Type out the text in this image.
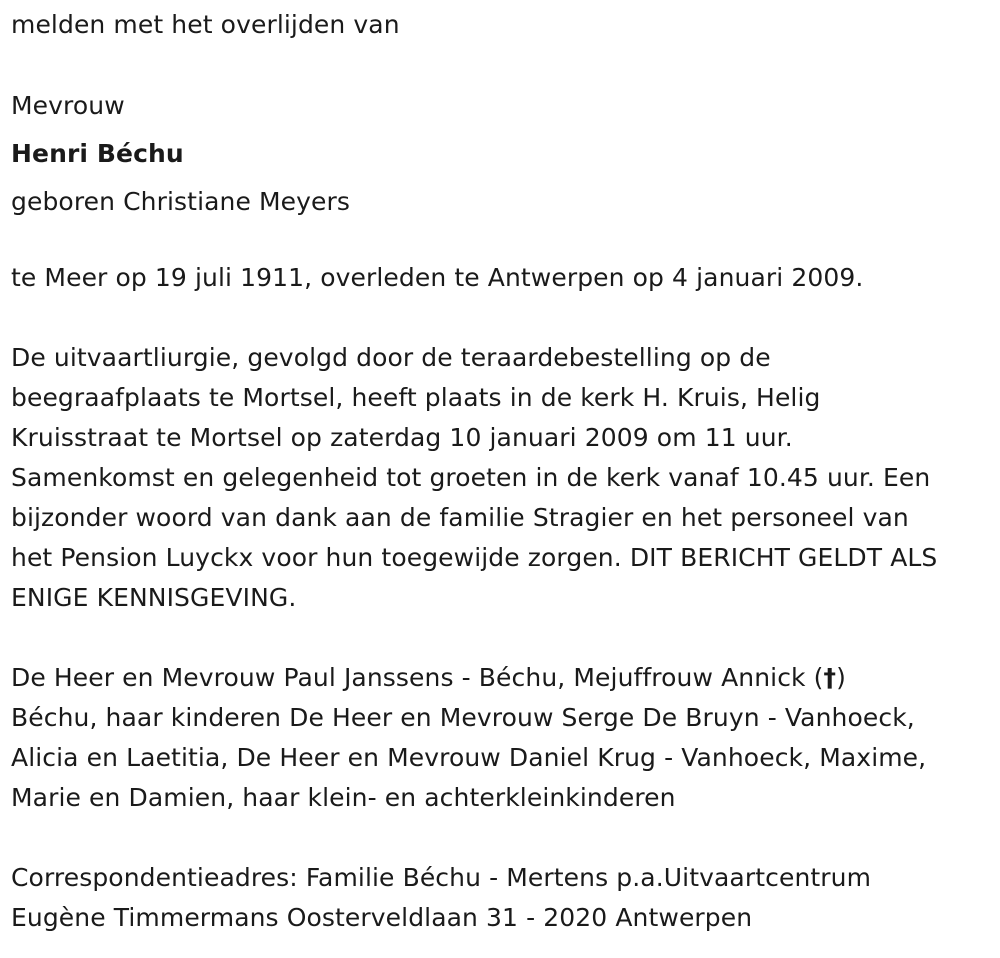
melden met het overlijden van

Mevrouw

Henri Béchu

geboren Christiane Meyers

te Meer op 19 juli 1911, overleden te Antwerpen op 4 januari 2009.

De uitvaartliurgie, gevolgd door de teraardebestelling op de

beegraafplaats te Mortsel, heeft plaats in de kerk H. Kruis, Helig

Kruisstraat te Mortsel op zaterdag 10 januari 2009 om 11 uur.

Samenkomst en gelegenheid tot groeten in de kerk vanaf 10.45 uur. Een

bijzonder woord van dank aan de familie Stragier en het personeel van

het Pension Luyckx voor hun toegewijde zorgen. DIT BERICHT GELDT ALS

ENIGE KENNISGEVING.

De Heer en Mevrouw Paul Janssens - Béchu, Mejuffrouw Annick (†)

Béchu, haar kinderen De Heer en Mevrouw Serge De Bruyn - Vanhoeck,

Alicia en Laetitia, De Heer en Mevrouw Daniel Krug - Vanhoeck, Maxime,

Marie en Damien, haar klein- en achterkleinkinderen

Correspondentieadres: Familie Béchu - Mertens p.a.Uitvaartcentrum

Eugène Timmermans Oosterveldlaan 31 - 2020 Antwerpen
